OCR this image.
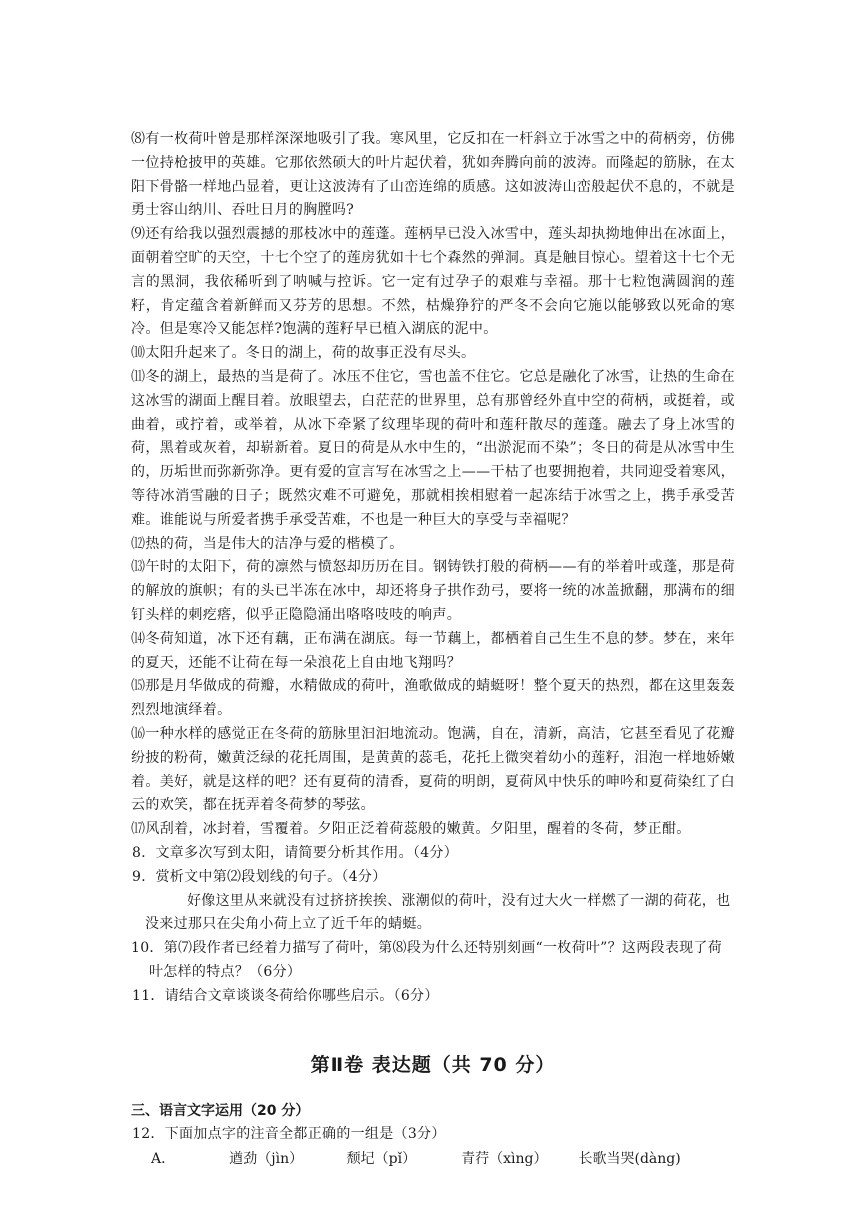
⑻有一枚荷叶曾是那样深深地吸引了我。寒风里，它反扣在一杆斜立于冰雪之中的荷柄旁，仿佛一位持枪披甲的英雄。它那依然硕大的叶片起伏着，犹如奔腾向前的波涛。而隆起的筋脉，在太阳下骨骼一样地凸显着，更让这波涛有了山峦连绵的质感。这如波涛山峦般起伏不息的，不就是勇士容山纳川、吞吐日月的胸膛吗?

⑼还有给我以强烈震撼的那枝冰中的莲蓬。莲柄早已没入冰雪中，莲头却执拗地伸出在冰面上，面朝着空旷的天空，十七个空了的莲房犹如十七个森然的弹洞。真是触目惊心。望着这十七个无言的黑洞，我依稀听到了呐喊与控诉。它一定有过孕子的艰难与幸福。那十七粒饱满圆润的莲籽，肯定蕴含着新鲜而又芬芳的思想。不然，枯燥狰狞的严冬不会向它施以能够致以死命的寒冷。但是寒冷又能怎样?饱满的莲籽早已植入湖底的泥中。

⑽太阳升起来了。冬日的湖上，荷的故事正没有尽头。

⑾冬的湖上，最热的当是荷了。冰压不住它，雪也盖不住它。它总是融化了冰雪，让热的生命在这冰雪的湖面上醒目着。放眼望去，白茫茫的世界里，总有那曾经外直中空的荷柄，或挺着，或曲着，或拧着，或举着，从冰下牵紧了纹理毕现的荷叶和莲秆散尽的莲蓬。融去了身上冰雪的荷，黑着或灰着，却崭新着。夏日的荷是从水中生的，“出淤泥而不染”；冬日的荷是从冰雪中生的，历垢世而弥新弥净。更有爱的宣言写在冰雪之上——干枯了也要拥抱着，共同迎受着寒风，等待冰消雪融的日子；既然灾难不可避免，那就相挨相慰着一起冻结于冰雪之上，携手承受苦难。谁能说与所爱者携手承受苦难，不也是一种巨大的享受与幸福呢？

⑿热的荷，当是伟大的洁净与爱的楷模了。

⒀午时的太阳下，荷的凛然与愤怒却历历在目。钢铸铁打般的荷柄——有的举着叶或蓬，那是荷的解放的旗帜；有的头已半冻在冰中，却还将身子拱作劲弓，要将一统的冰盖掀翻，那满布的细钉头样的刺疙瘩，似乎正隐隐涌出咯咯吱吱的响声。

⒁冬荷知道，冰下还有藕，正布满在湖底。每一节藕上，都栖着自己生生不息的梦。梦在，来年的夏天，还能不让荷在每一朵浪花上自由地飞翔吗？

⒂那是月华做成的荷瓣，水精做成的荷叶，渔歌做成的蜻蜓呀！整个夏天的热烈，都在这里轰轰烈烈地演绎着。

⒃一种水样的感觉正在冬荷的筋脉里汩汩地流动。饱满，自在，清新，高洁，它甚至看见了花瓣纷披的粉荷，嫩黄泛绿的花托周围，是黄黄的蕊毛，花托上微突着幼小的莲籽，泪泡一样地娇嫩着。美好，就是这样的吧？还有夏荷的清香，夏荷的明朗，夏荷风中快乐的呻吟和夏荷染红了白云的欢笑，都在抚弄着冬荷梦的琴弦。

⒄风刮着，冰封着，雪覆着。夕阳正泛着荷蕊般的嫩黄。夕阳里，醒着的冬荷，梦正酣。

8．文章多次写到太阳，请简要分析其作用。（4分）

9．赏析文中第⑵段划线的句子。（4分）

好像这里从来就没有过挤挤挨挨、涨潮似的荷叶，没有过大火一样燃了一湖的荷花，也没来过那只在尖角小荷上立了近千年的蜻蜓。

10．第⑺段作者已经着力描写了荷叶，第⑻段为什么还特别刻画“一枚荷叶”？这两段表现了荷叶怎样的特点？（6分）

11．请结合文章谈谈冬荷给你哪些启示。（6分）

第Ⅱ卷 表达题（共 70 分）

三、语言文字运用（20 分）

12．下面加点字的注音全都正确的一组是（3分）

A．	遒劲（jìn）	颓圮（pǐ）	青荇（xìng）	长歌当哭(dàng)
